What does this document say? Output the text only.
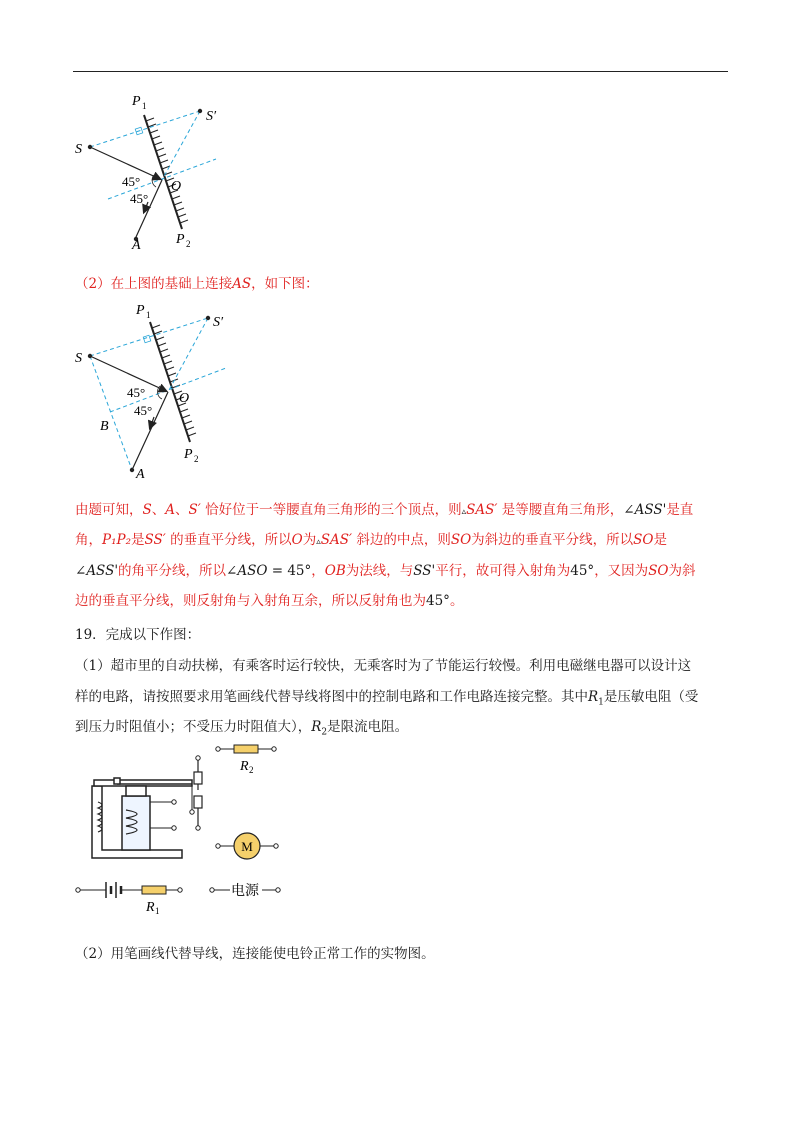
P 1
S′
S
O
45°
45°
A	P 2
（2）在上图的基础上连接AS，如下图：
P 1	S′
S
O
45°
45°
B
A
P 2
由题可知，S、A、S′ 恰好位于一等腰直角三角形的三个顶点，则▵SAS′ 是等腰直角三角形，∠ASS'是直
角，P₁P₂是SS′ 的垂直平分线，所以O为▵SAS′ 斜边的中点，则SO为斜边的垂直平分线，所以SO是
∠ASS'的角平分线，所以∠ASO = 45°，OB为法线，与SS'平行，故可得入射角为45°，又因为SO为斜
边的垂直平分线，则反射角与入射角互余，所以反射角也为45°。
19．完成以下作图：
（1）超市里的自动扶梯，有乘客时运行较快，无乘客时为了节能运行较慢。利用电磁继电器可以设计这
样的电路，请按照要求用笔画线代替导线将图中的控制电路和工作电路连接完整。其中$R_1$是压敏电阻（受
到压力时阻值小；不受压力时阻值大），$R_2$是限流电阻。
R 2
M
R 1
电源
（2）用笔画线代替导线，连接能使电铃正常工作的实物图。
